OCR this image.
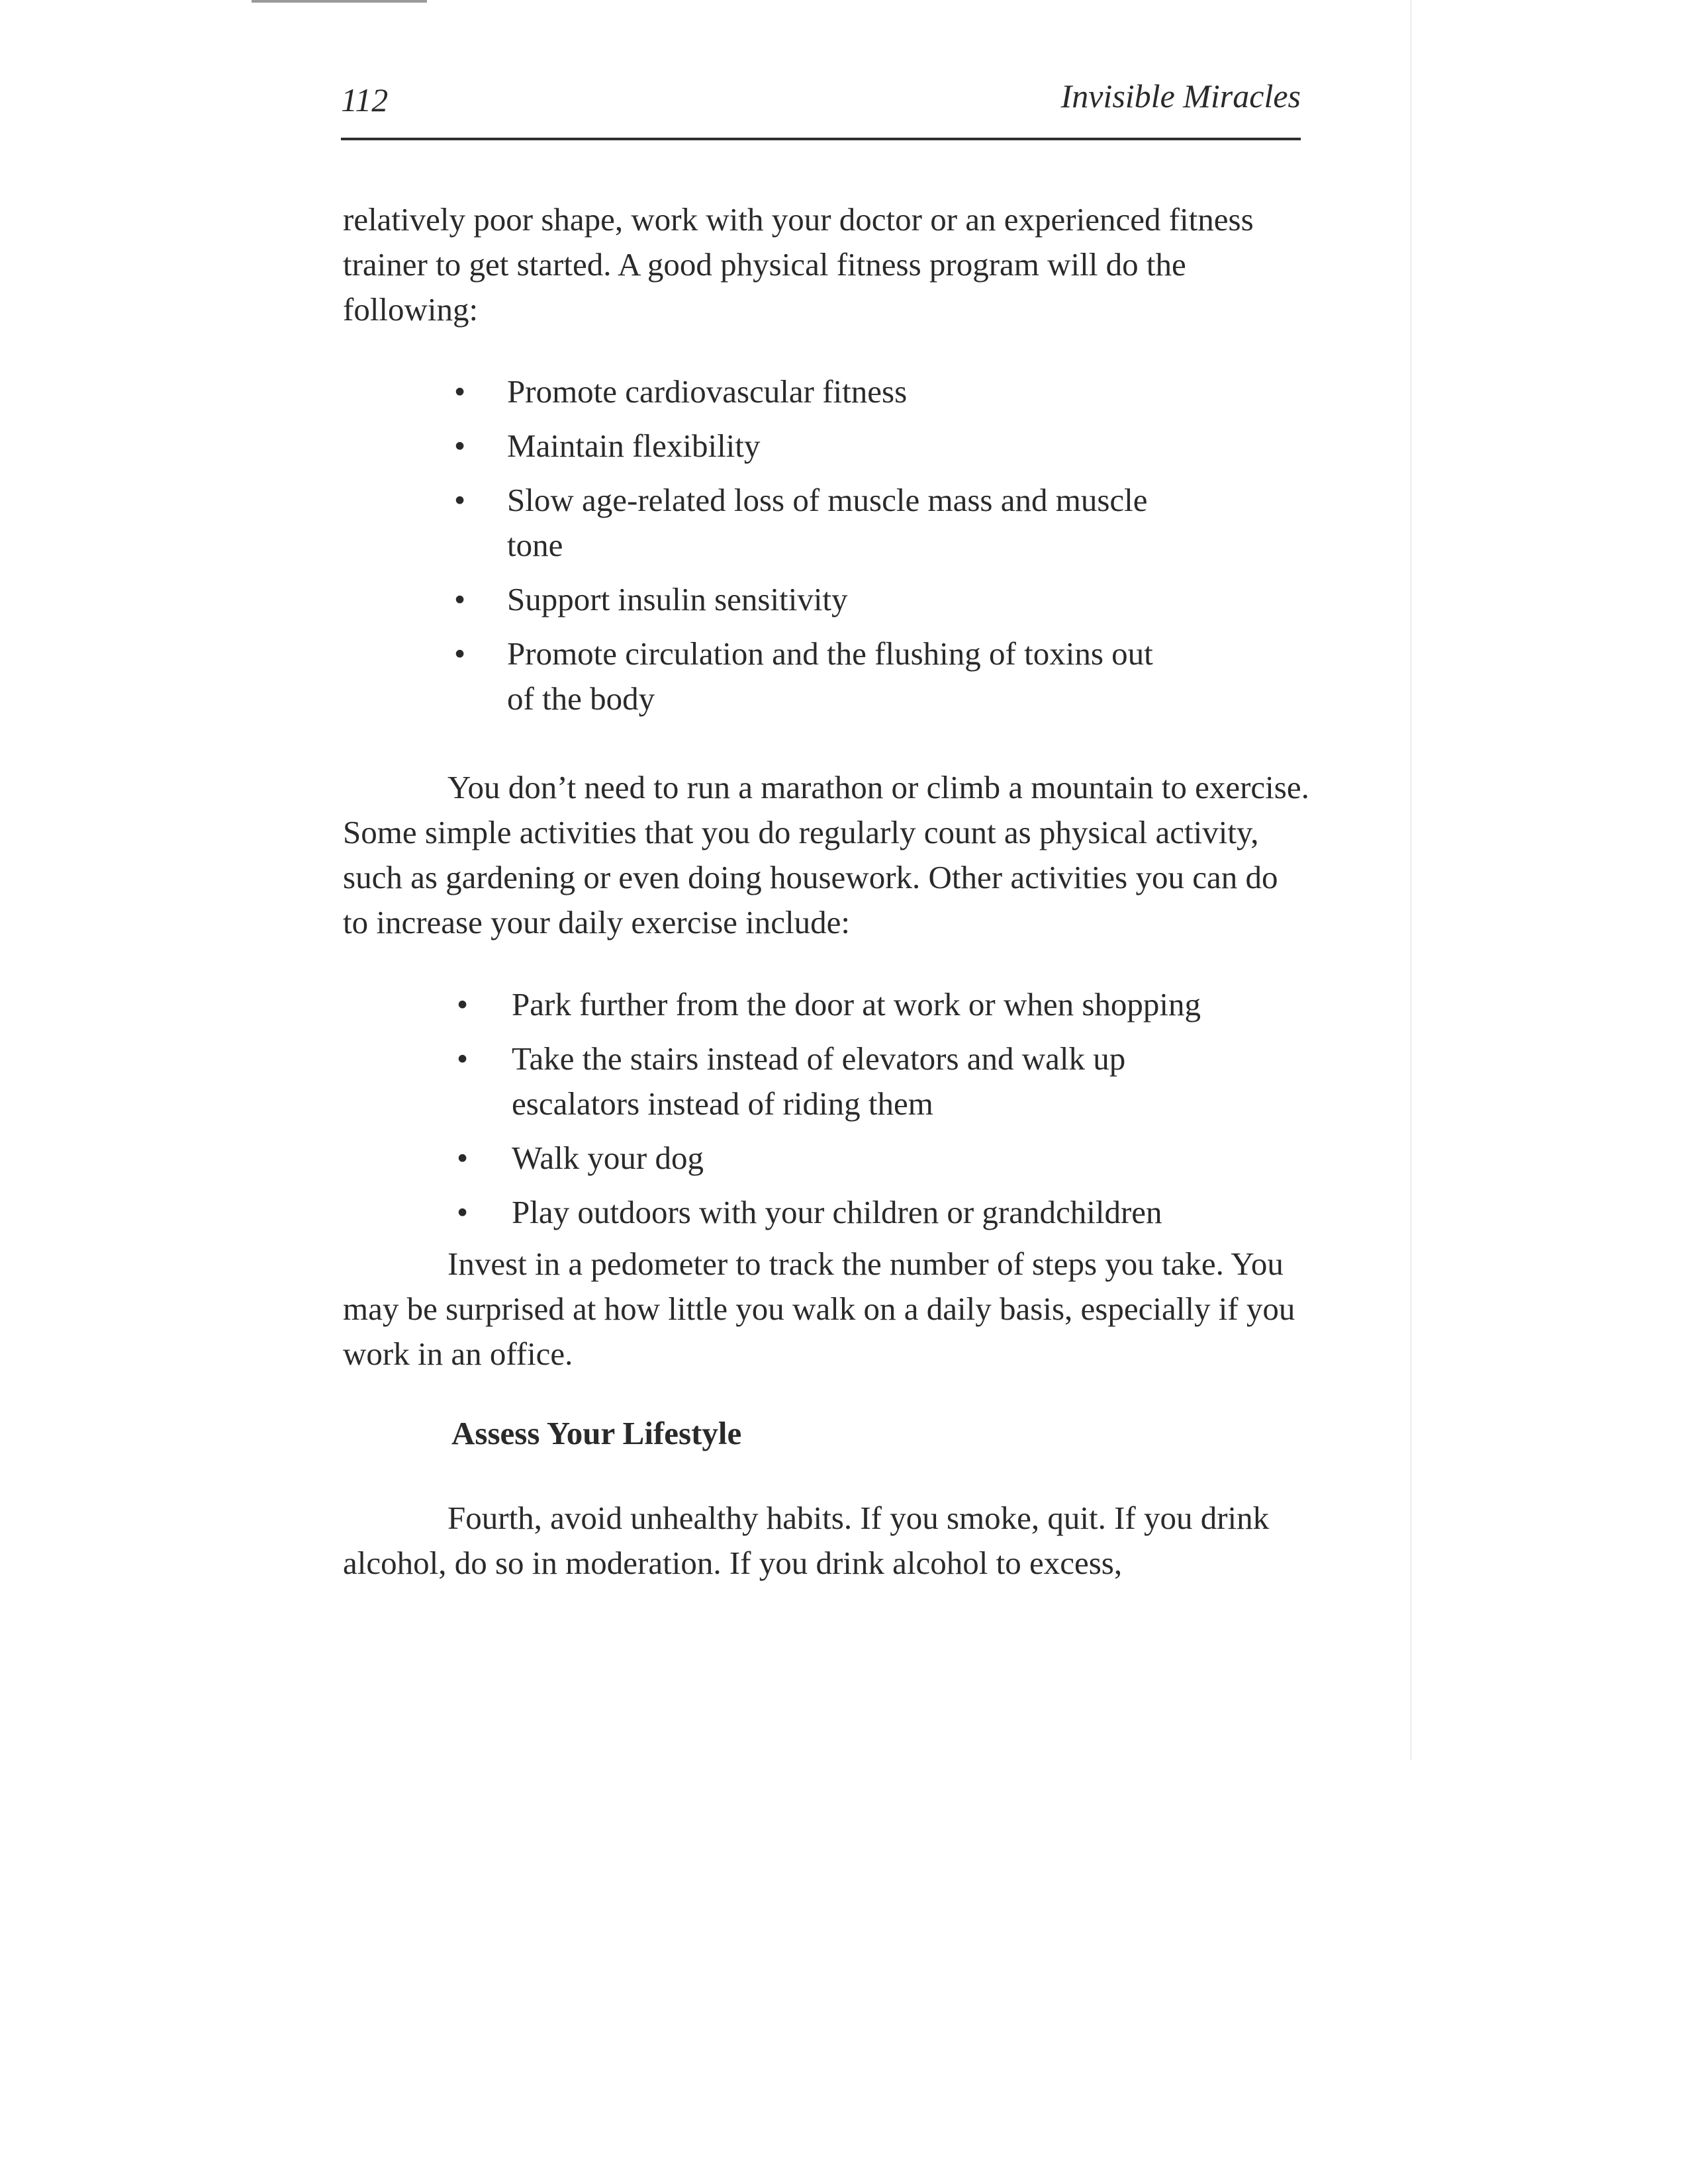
112	Invisible Miracles

relatively poor shape, work with your doctor or an experienced fitness trainer to get started. A good physical fitness program will do the following:

• Promote cardiovascular fitness
• Maintain flexibility
• Slow age-related loss of muscle mass and muscle tone
• Support insulin sensitivity
• Promote circulation and the flushing of toxins out of the body

You don’t need to run a marathon or climb a mountain to exercise. Some simple activities that you do regularly count as physical activity, such as gardening or even doing housework. Other activities you can do to increase your daily exercise include:

• Park further from the door at work or when shopping
• Take the stairs instead of elevators and walk up escalators instead of riding them
• Walk your dog
• Play outdoors with your children or grandchildren

Invest in a pedometer to track the number of steps you take. You may be surprised at how little you walk on a daily basis, especially if you work in an office.

Assess Your Lifestyle

Fourth, avoid unhealthy habits. If you smoke, quit. If you drink alcohol, do so in moderation. If you drink alcohol to excess,
